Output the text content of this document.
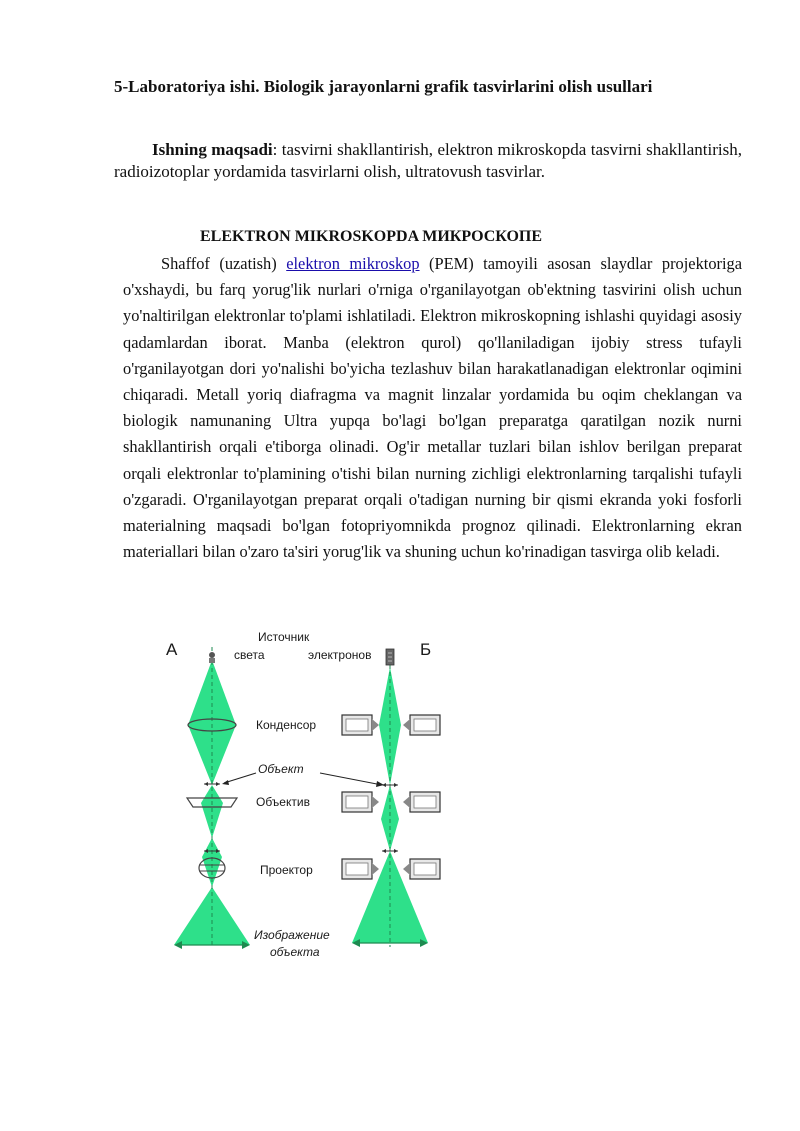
5-Laboratoriya ishi. Biologik jarayonlarni grafik tasvirlarini olish usullari

Ishning maqsadi: tasvirni shakllantirish, elektron mikroskopda tasvirni shakllantirish, radioizotoplar yordamida tasvirlarni olish, ultratovush tasvirlar.

ELEKTRON MIKROSKOPDA МИКРОСКОПЕ

Shaffof (uzatish) elektron mikroskop (PEM) tamoyili asosan slaydlar projektoriga o'xshaydi, bu farq yorug'lik nurlari o'rniga o'rganilayotgan ob'ektning tasvirini olish uchun yo'naltirilgan elektronlar to'plami ishlatiladi. Elektron mikroskopning ishlashi quyidagi asosiy qadamlardan iborat. Manba (elektron qurol) qo'llaniladigan ijobiy stress tufayli o'rganilayotgan dori yo'nalishi bo'yicha tezlashuv bilan harakatlanadigan elektronlar oqimini chiqaradi. Metall yoriq diafragma va magnit linzalar yordamida bu oqim cheklangan va biologik namunaning Ultra yupqa bo'lagi bo'lgan preparatga qaratilgan nozik nurni shakllantirish orqali e'tiborga olinadi. Og'ir metallar tuzlari bilan ishlov berilgan preparat orqali elektronlar to'plamining o'tishi bilan nurning zichligi elektronlarning tarqalishi tufayli o'zgaradi. O'rganilayotgan preparat orqali o'tadigan nurning bir qismi ekranda yoki fosforli materialning maqsadi bo'lgan fotopriyomnikda prognoz qilinadi. Elektronlarning ekran materiallari bilan o'zaro ta'siri yorug'lik va shuning uchun ko'rinadigan tasvirga olib keladi.

А	Б
Источник
света	электронов
Конденсор
Объект
Объектив
Проектор
Изображение
объекта
